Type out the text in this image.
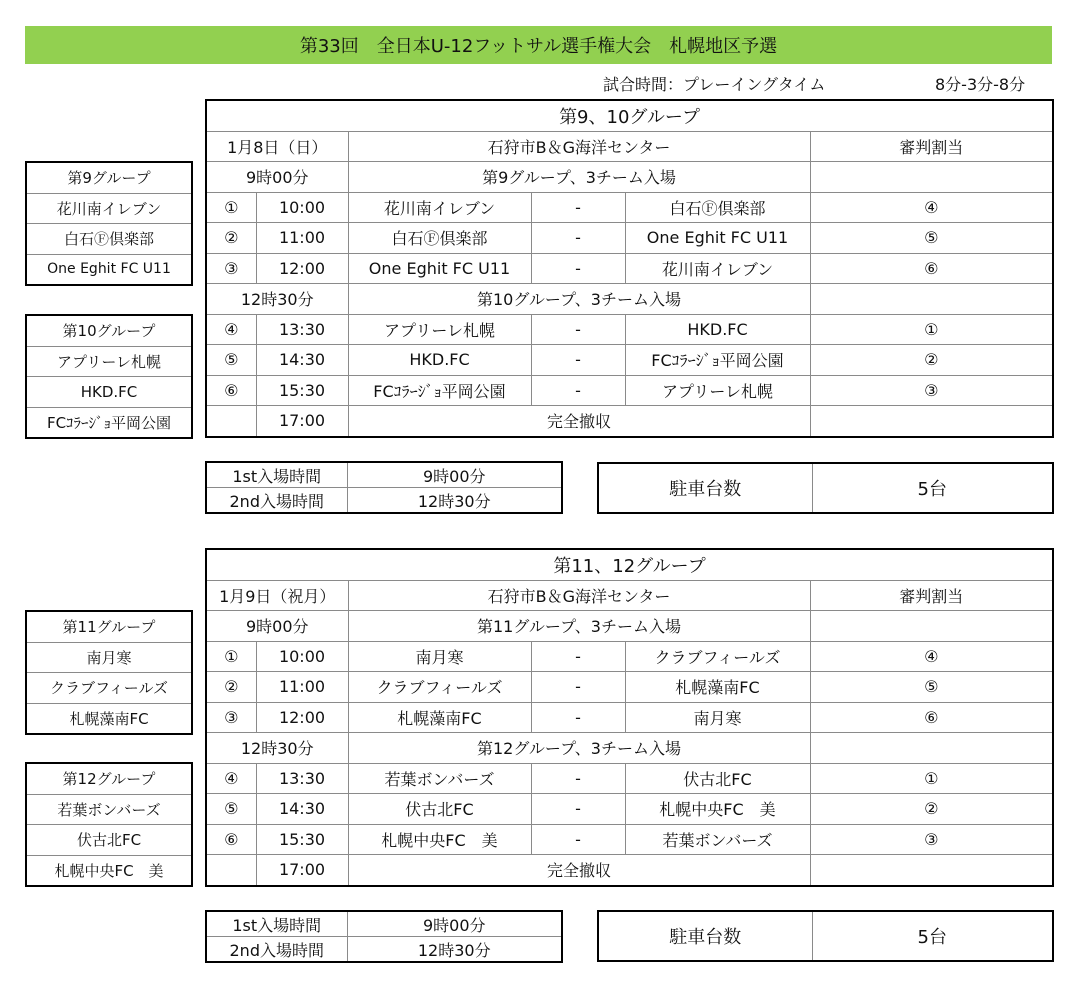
第33回　全日本U-12フットサル選手権大会　札幌地区予選
試合時間：プレーイングタイム	8分-3分-8分
第9、10グループ					
1月8日（日）		石狩市B＆G海洋センター			審判割当
9時00分		第9グループ、3チーム入場			
①	10:00	花川南イレブン	-	白石Ⓕ倶楽部	④
②	11:00	白石Ⓕ倶楽部	-	One Eghit FC U11	⑤
③	12:00	One Eghit FC U11	-	花川南イレブン	⑥
12時30分		第10グループ、3チーム入場			
④	13:30	アプリーレ札幌	-	HKD.FC	①
⑤	14:30	HKD.FC	-	FCｺﾗｰｼﾞｮ平岡公園	②
⑥	15:30	FCｺﾗｰｼﾞｮ平岡公園	-	アプリーレ札幌	③
	17:00	完全撤収			
第9グループ
花川南イレブン
白石Ⓕ倶楽部
One Eghit FC U11
第10グループ
アプリーレ札幌
HKD.FC
FCｺﾗｰｼﾞｮ平岡公園
1st入場時間	9時00分
2nd入場時間	12時30分
駐車台数	5台
第11、12グループ					
1月9日（祝月）		石狩市B＆G海洋センター			審判割当
9時00分		第11グループ、3チーム入場			
①	10:00	南月寒	-	クラブフィールズ	④
②	11:00	クラブフィールズ	-	札幌藻南FC	⑤
③	12:00	札幌藻南FC	-	南月寒	⑥
12時30分		第12グループ、3チーム入場			
④	13:30	若葉ボンバーズ	-	伏古北FC	①
⑤	14:30	伏古北FC	-	札幌中央FC　美	②
⑥	15:30	札幌中央FC　美	-	若葉ボンバーズ	③
	17:00	完全撤収			
第11グループ
南月寒
クラブフィールズ
札幌藻南FC
第12グループ
若葉ボンバーズ
伏古北FC
札幌中央FC　美
1st入場時間	9時00分
2nd入場時間	12時30分
駐車台数	5台
